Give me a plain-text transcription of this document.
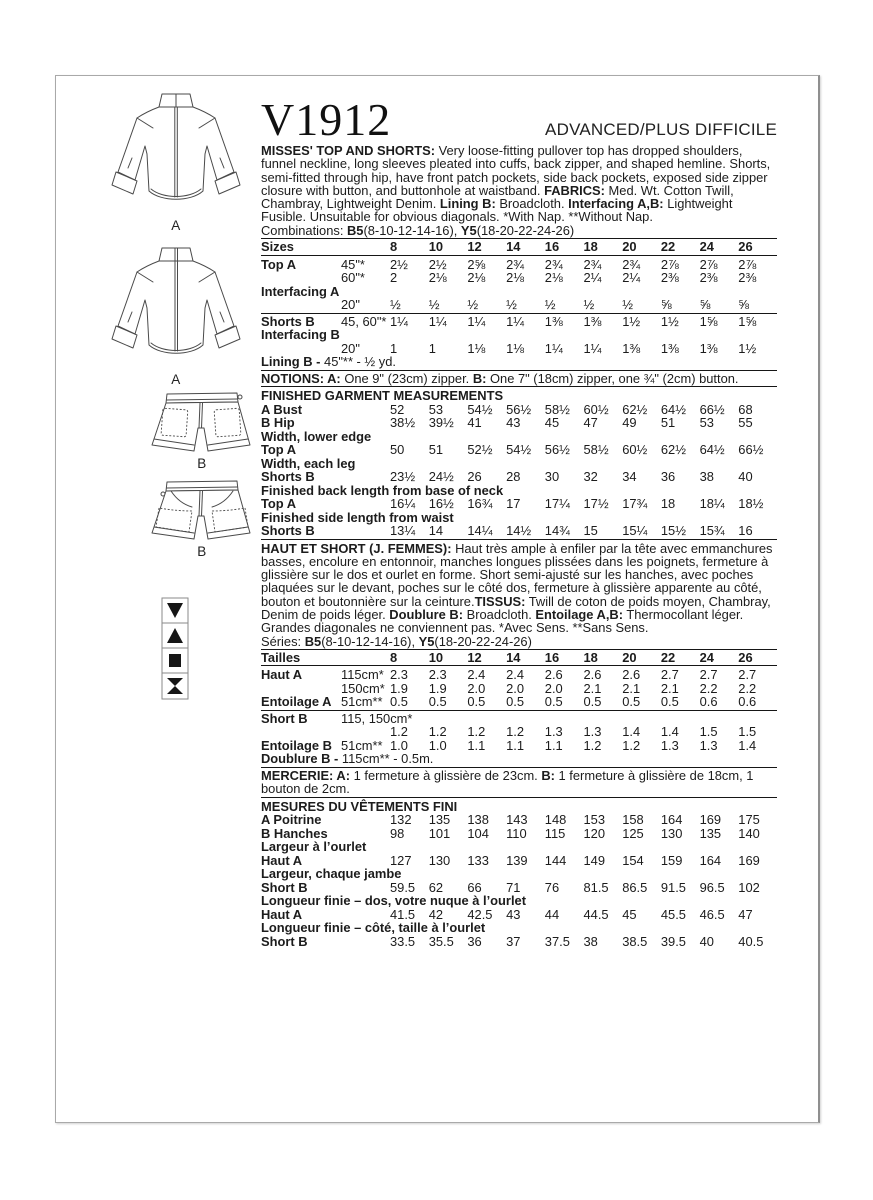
A
A
B
B
V1912	ADVANCED/PLUS DIFFICILE

MISSES' TOP AND SHORTS: Very loose-fitting pullover top has dropped shoulders, funnel neckline, long sleeves pleated into cuffs, back zipper, and shaped hemline. Shorts, semi-fitted through hip, have front patch pockets, side back pockets, exposed side zipper closure with button, and buttonhole at waistband. FABRICS: Med. Wt. Cotton Twill, Chambray, Lightweight Denim. Lining B: Broadcloth. Interfacing A,B: Lightweight Fusible. Unsuitable for obvious diagonals. *With Nap. **Without Nap.

Combinations: B5(8-10-12-14-16), Y5(18-20-22-24-26)

Sizes	8	10	12	14	16	18	20	22	24	26
Top A	45"*	2½	2½	2⅝	2¾	2¾	2¾	2¾	2⅞	2⅞	2⅞
60"*	2	2⅛	2⅛	2⅛	2⅛	2¼	2¼	2⅜	2⅜	2⅜
Interfacing A
20"	½	½	½	½	½	½	½	⅝	⅝	⅝
Shorts B	45, 60"* 1¼	1¼	1¼	1¼	1⅜	1⅜	1½	1½	1⅝	1⅝
Interfacing B
20"	1	1	1⅛	1⅛	1¼	1¼	1⅜	1⅜	1⅜	1½
Lining B - 45"** - ½ yd.
NOTIONS: A: One 9" (23cm) zipper. B: One 7" (18cm) zipper, one ¾" (2cm) button.
FINISHED GARMENT MEASUREMENTS
A Bust	52	53	54½	56½	58½	60½	62½	64½	66½	68
B Hip	38½	39½	41	43	45	47	49	51	53	55
Width, lower edge
Top A	50	51	52½	54½	56½	58½	60½	62½	64½	66½
Width, each leg
Shorts B	23½	24½	26	28	30	32	34	36	38	40
Finished back length from base of neck
Top A	16¼	16½	16¾	17	17¼	17½	17¾	18	18¼	18½
Finished side length from waist
Shorts B	13¼	14	14¼	14½	14¾	15	15¼	15½	15¾	16

HAUT ET SHORT (J. FEMMES): Haut très ample à enfiler par la tête avec emmanchures basses, encolure en entonnoir, manches longues plissées dans les poignets, fermeture à glissière sur le dos et ourlet en forme. Short semi-ajusté sur les hanches, avec poches plaquées sur le devant, poches sur le côté dos, fermeture à glissière apparente au côté, bouton et boutonnière sur la ceinture.TISSUS: Twill de coton de poids moyen, Chambray, Denim de poids léger. Doublure B: Broadcloth. Entoilage A,B: Thermocollant léger. Grandes diagonales ne conviennent pas. *Avec Sens. **Sans Sens.

Séries: B5(8-10-12-14-16), Y5(18-20-22-24-26)

Tailles	8	10	12	14	16	18	20	22	24	26
Haut A	115cm* 2.3	2.3	2.4	2.4	2.6	2.6	2.6	2.7	2.7	2.7
150cm* 1.9	1.9	2.0	2.0	2.0	2.1	2.1	2.1	2.2	2.2
Entoilage A 51cm** 0.5	0.5	0.5	0.5	0.5	0.5	0.5	0.5	0.6	0.6
Short B	115, 150cm*
1.2	1.2	1.2	1.2	1.3	1.3	1.4	1.4	1.5	1.5
Entoilage B 51cm** 1.0	1.0	1.1	1.1	1.1	1.2	1.2	1.3	1.3	1.4
Doublure B - 115cm** - 0.5m.
MERCERIE: A: 1 fermeture à glissière de 23cm. B: 1 fermeture à glissière de 18cm, 1 bouton de 2cm.
MESURES DU VÊTEMENTS FINI
A Poitrine	132	135	138	143	148	153	158	164	169	175
B Hanches	98	101	104	110	115	120	125	130	135	140
Largeur à l’ourlet
Haut A	127	130	133	139	144	149	154	159	164	169
Largeur, chaque jambe
Short B	59.5	62	66	71	76	81.5	86.5	91.5	96.5	102
Longueur finie – dos, votre nuque à l’ourlet
Haut A	41.5	42	42.5	43	44	44.5	45	45.5	46.5	47
Longueur finie – côté, taille à l’ourlet
Short B	33.5	35.5	36	37	37.5	38	38.5	39.5	40	40.5
